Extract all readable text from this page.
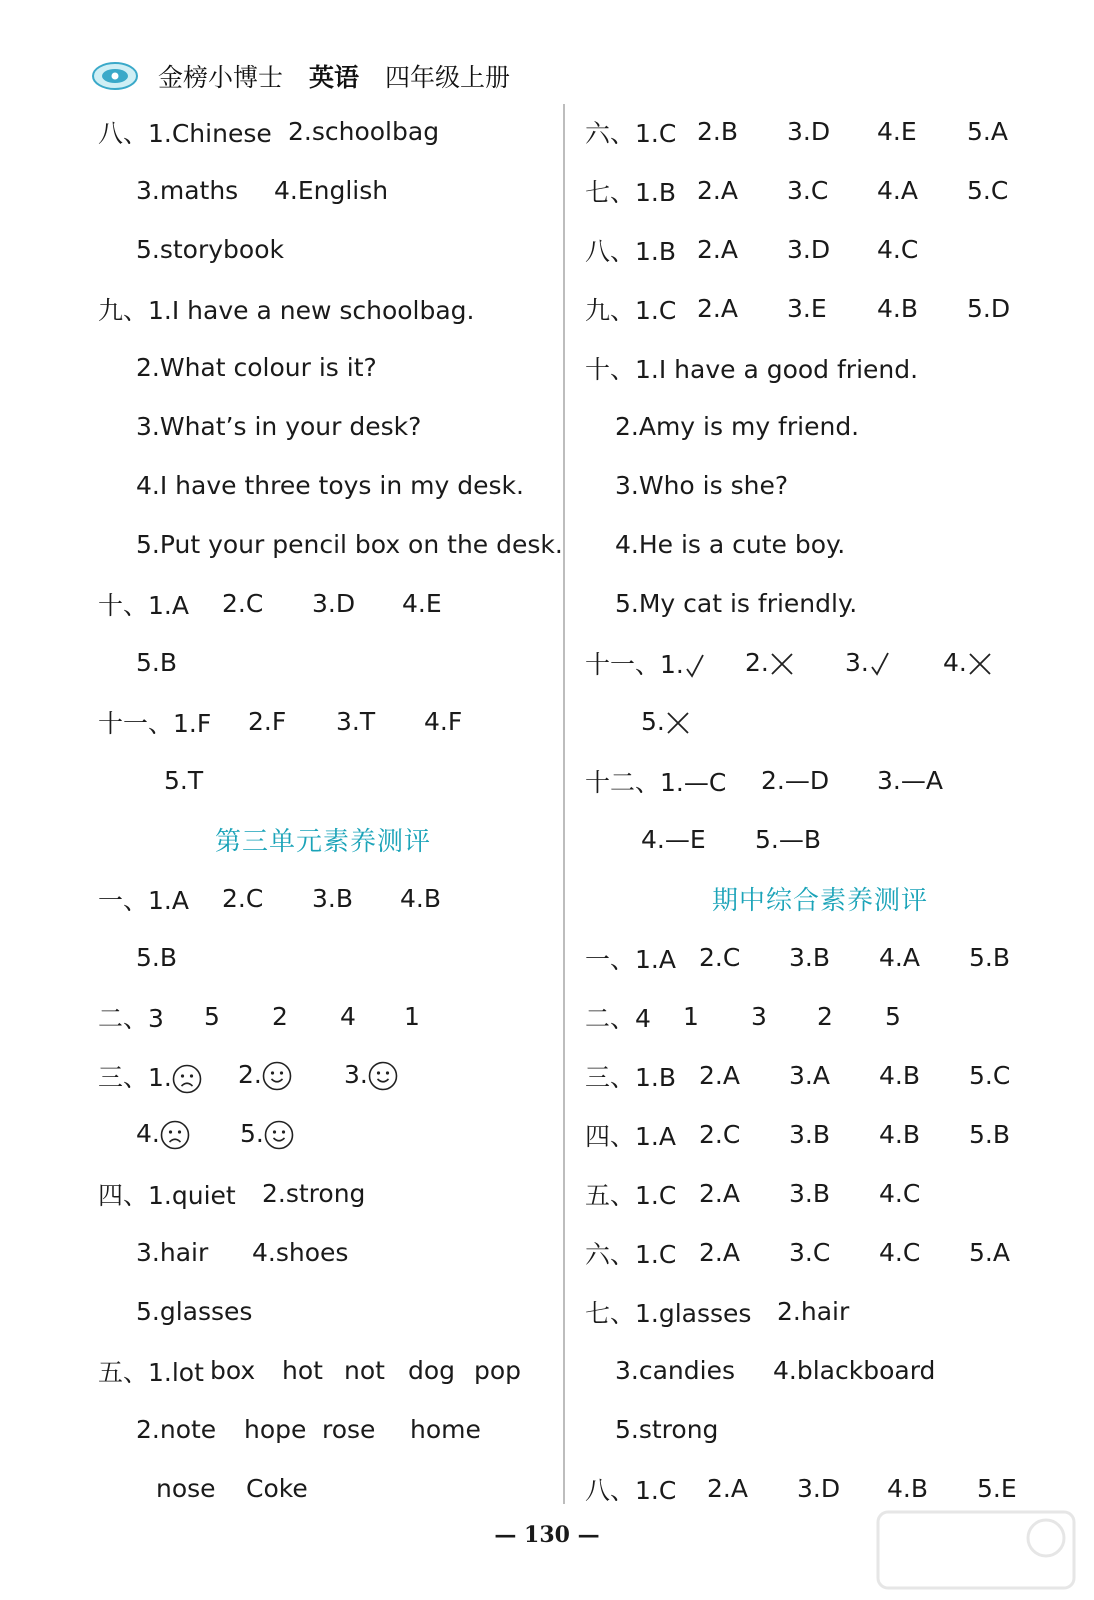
金榜小博士 英语 四年级上册
八、1.Chinese 2.schoolbag
3.maths	4.English
5.storybook
九、1.I have a new schoolbag.
2.What colour is it?
3.What’s in your desk?
4.I have three toys in my desk.
5.Put your pencil box on the desk.
十、1.A	2.C	3.D	4.E
5.B
十一、1.F	2.F	3.T	4.F
5.T
第三单元素养测评
一、1.A	2.C	3.B	4.B
5.B
二、3	5	2	4	1
三、1.	2.	3.
4.	5.
四、1.quiet	2.strong
3.hair	4.shoes
5.glasses
五、1.lot box	hot not dog pop
2.note	hope rose	home
nose	Coke
六、1.C 2.B	3.D	4.E	5.A
七、1.B 2.A	3.C	4.A	5.C
八、1.B 2.A	3.D	4.C
九、1.C 2.A	3.E	4.B	5.D
十、1.I have a good friend.
2.Amy is my friend.
3.Who is she?
4.He is a cute boy.
5.My cat is friendly.
十一、1.	2.	3.	4.
5.
十二、1.—C	2.—D	3.—A
4.—E	5.—B
期中综合素养测评
一、1.A 2.C	3.B	4.A	5.B
二、4	1	3	2	5
三、1.B 2.A	3.A	4.B	5.C
四、1.A 2.C	3.B	4.B	5.B
五、1.C 2.A	3.B	4.C
六、1.C 2.A	3.C	4.C	5.A
七、1.glasses	2.hair
3.candies	4.blackboard
5.strong
八、1.C	2.A	3.D	4.B	5.E
— 130 —
